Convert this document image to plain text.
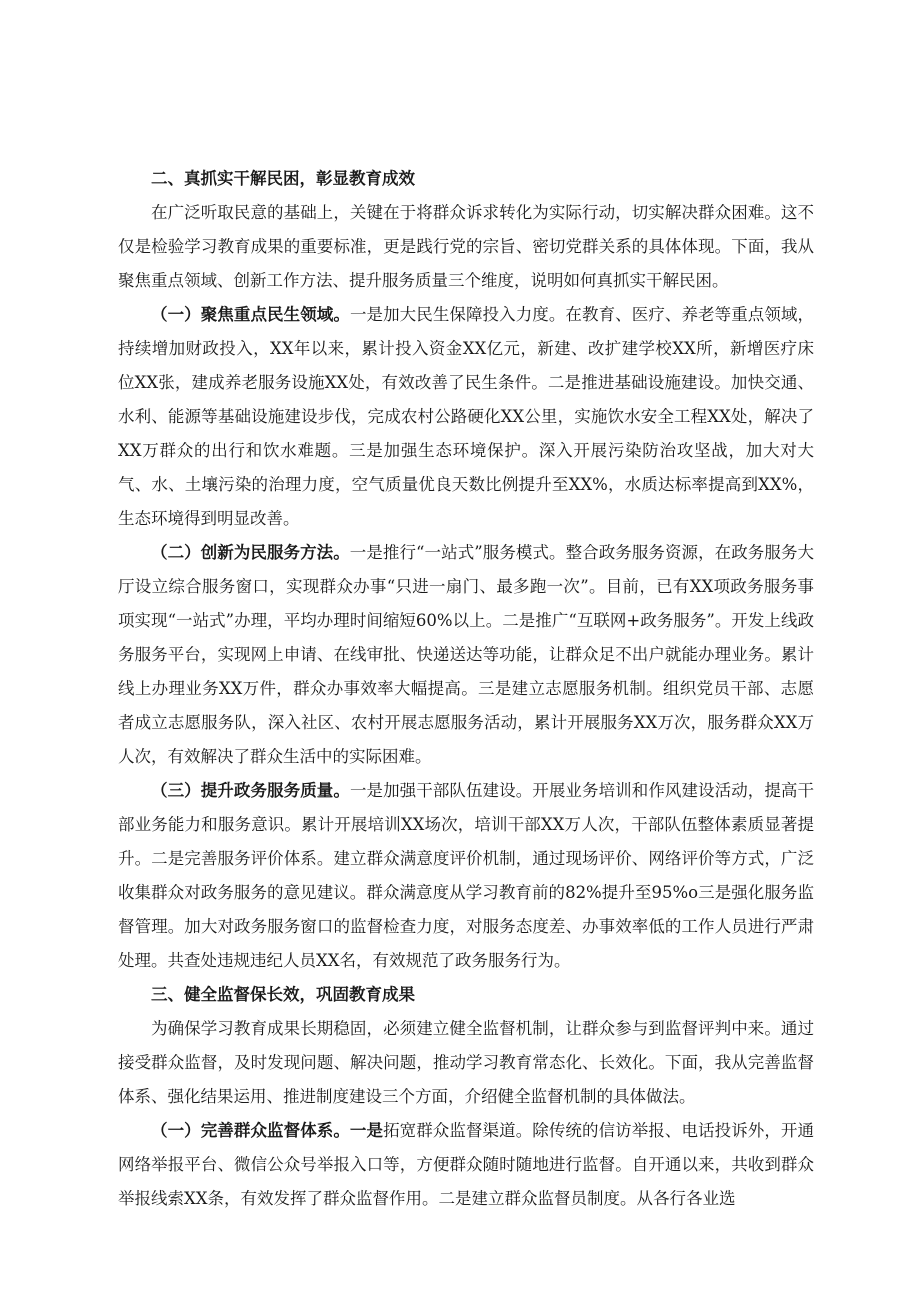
二、真抓实干解民困，彰显教育成效

在广泛听取民意的基础上，关键在于将群众诉求转化为实际行动，切实解决群众困难。这不仅是检验学习教育成果的重要标准，更是践行党的宗旨、密切党群关系的具体体现。下面，我从聚焦重点领域、创新工作方法、提升服务质量三个维度，说明如何真抓实干解民困。

（一）聚焦重点民生领域。一是加大民生保障投入力度。在教育、医疗、养老等重点领域，持续增加财政投入，XX年以来，累计投入资金XX亿元，新建、改扩建学校XX所，新增医疗床位XX张，建成养老服务设施XX处，有效改善了民生条件。二是推进基础设施建设。加快交通、水利、能源等基础设施建设步伐，完成农村公路硬化XX公里，实施饮水安全工程XX处，解决了XX万群众的出行和饮水难题。三是加强生态环境保护。深入开展污染防治攻坚战，加大对大气、水、土壤污染的治理力度，空气质量优良天数比例提升至XX%，水质达标率提高到XX%，生态环境得到明显改善。

（二）创新为民服务方法。一是推行“一站式”服务模式。整合政务服务资源，在政务服务大厅设立综合服务窗口，实现群众办事“只进一扇门、最多跑一次”。目前，已有XX项政务服务事项实现“一站式”办理，平均办理时间缩短60%以上。二是推广“互联网+政务服务”。开发上线政务服务平台，实现网上申请、在线审批、快递送达等功能，让群众足不出户就能办理业务。累计线上办理业务XX万件，群众办事效率大幅提高。三是建立志愿服务机制。组织党员干部、志愿者成立志愿服务队，深入社区、农村开展志愿服务活动，累计开展服务XX万次，服务群众XX万人次，有效解决了群众生活中的实际困难。

（三）提升政务服务质量。一是加强干部队伍建设。开展业务培训和作风建设活动，提高干部业务能力和服务意识。累计开展培训XX场次，培训干部XX万人次，干部队伍整体素质显著提升。二是完善服务评价体系。建立群众满意度评价机制，通过现场评价、网络评价等方式，广泛收集群众对政务服务的意见建议。群众满意度从学习教育前的82%提升至95%o三是强化服务监督管理。加大对政务服务窗口的监督检查力度，对服务态度差、办事效率低的工作人员进行严肃处理。共查处违规违纪人员XX名，有效规范了政务服务行为。

三、健全监督保长效，巩固教育成果

为确保学习教育成果长期稳固，必须建立健全监督机制，让群众参与到监督评判中来。通过接受群众监督，及时发现问题、解决问题，推动学习教育常态化、长效化。下面，我从完善监督体系、强化结果运用、推进制度建设三个方面，介绍健全监督机制的具体做法。

（一）完善群众监督体系。一是拓宽群众监督渠道。除传统的信访举报、电话投诉外，开通网络举报平台、微信公众号举报入口等，方便群众随时随地进行监督。自开通以来，共收到群众举报线索XX条，有效发挥了群众监督作用。二是建立群众监督员制度。从各行各业选
